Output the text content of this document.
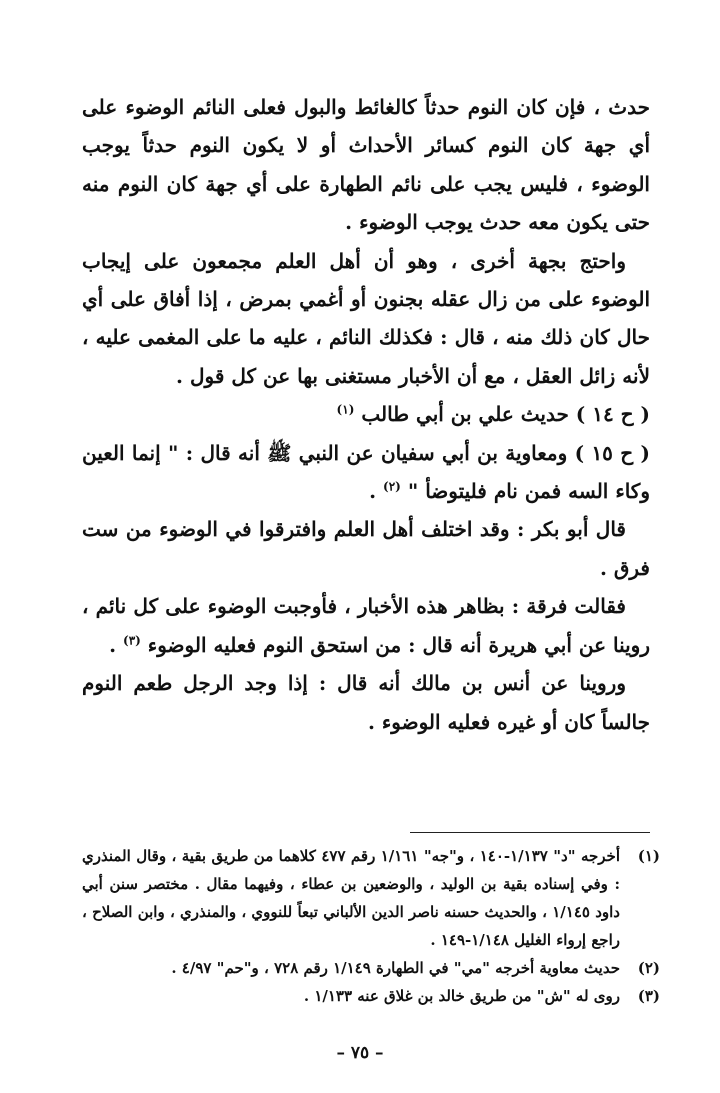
حدث ، فإن كان النوم حدثاً كالغائط والبول فعلى النائم الوضوء على أي جهة كان النوم كسائر الأحداث أو لا يكون النوم حدثاً يوجب الوضوء ، فليس يجب على نائم الطهارة على أي جهة كان النوم منه حتى يكون معه حدث يوجب الوضوء .

واحتج بجهة أخرى ، وهو أن أهل العلم مجمعون على إيجاب الوضوء على من زال عقله بجنون أو أغمي بمرض ، إذا أفاق على أي حال كان ذلك منه ، قال : فكذلك النائم ، عليه ما على المغمى عليه ، لأنه زائل العقل ، مع أن الأخبار مستغنى بها عن كل قول .

( ح ١٤ ) حديث علي بن أبي طالب $^{(١)}$

( ح ١٥ ) ومعاوية بن أبي سفيان عن النبي ﷺ أنه قال : " إنما العين وكاء السه فمن نام فليتوضأ " $^{(٢)}$ .

قال أبو بكر : وقد اختلف أهل العلم وافترقوا في الوضوء من ست فرق .

فقالت فرقة : بظاهر هذه الأخبار ، فأوجبت الوضوء على كل نائم ، روينا عن أبي هريرة أنه قال : من استحق النوم فعليه الوضوء $^{(٣)}$ .

وروينا عن أنس بن مالك أنه قال : إذا وجد الرجل طعم النوم جالساً كان أو غيره فعليه الوضوء .

(١)
أخرجه "د" ١/١٣٧-١٤٠ ، و"جه" ١/١٦١ رقم ٤٧٧ كلاهما من طريق بقية ، وقال المنذري : وفي إسناده بقية بن الوليد ، والوضعين بن عطاء ، وفيهما مقال . مختصر سنن أبي داود ١/١٤٥ ، والحديث حسنه ناصر الدين الألباني تبعاً للنووي ، والمنذري ، وابن الصلاح ، راجع إرواء الغليل ١/١٤٨-١٤٩ .
(٢)
حديث معاوية أخرجه "مي" في الطهارة ١/١٤٩ رقم ٧٢٨ ، و"حم" ٤/٩٧ .
(٣)
روى له "ش" من طريق خالد بن غلاق عنه ١/١٣٣ .
– ٧٥ –
